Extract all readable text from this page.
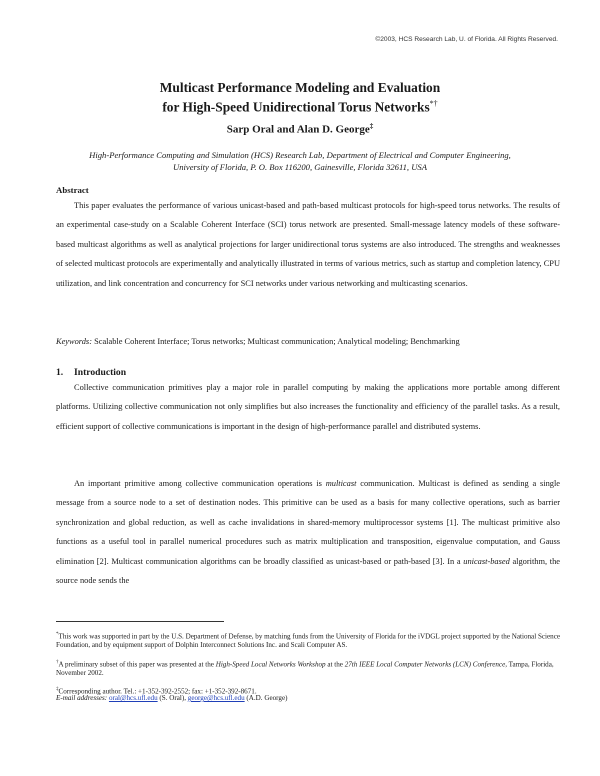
©2003, HCS Research Lab, U. of Florida. All Rights Reserved.
Multicast Performance Modeling and Evaluation
for High-Speed Unidirectional Torus Networks*†
Sarp Oral and Alan D. George‡
High-Performance Computing and Simulation (HCS) Research Lab, Department of Electrical and Computer Engineering,
University of Florida, P. O. Box 116200, Gainesville, Florida 32611, USA
Abstract
This paper evaluates the performance of various unicast-based and path-based multicast protocols for high-speed torus networks. The results of an experimental case-study on a Scalable Coherent Interface (SCI) torus network are presented. Small-message latency models of these software-based multicast algorithms as well as analytical projections for larger unidirectional torus systems are also introduced. The strengths and weaknesses of selected multicast protocols are experimentally and analytically illustrated in terms of various metrics, such as startup and completion latency, CPU utilization, and link concentration and concurrency for SCI networks under various networking and multicasting scenarios.
Keywords: Scalable Coherent Interface; Torus networks; Multicast communication; Analytical modeling; Benchmarking
1. Introduction
Collective communication primitives play a major role in parallel computing by making the applications more portable among different platforms. Utilizing collective communication not only simplifies but also increases the functionality and efficiency of the parallel tasks. As a result, efficient support of collective communications is important in the design of high-performance parallel and distributed systems.
An important primitive among collective communication operations is multicast communication. Multicast is defined as sending a single message from a source node to a set of destination nodes. This primitive can be used as a basis for many collective operations, such as barrier synchronization and global reduction, as well as cache invalidations in shared-memory multiprocessor systems [1]. The multicast primitive also functions as a useful tool in parallel numerical procedures such as matrix multiplication and transposition, eigenvalue computation, and Gauss elimination [2]. Multicast communication algorithms can be broadly classified as unicast-based or path-based [3]. In a unicast-based algorithm, the source node sends the
*This work was supported in part by the U.S. Department of Defense, by matching funds from the University of Florida for the iVDGL project supported by the National Science Foundation, and by equipment support of Dolphin Interconnect Solutions Inc. and Scali Computer AS.
†A preliminary subset of this paper was presented at the High-Speed Local Networks Workshop at the 27th IEEE Local Computer Networks (LCN) Conference, Tampa, Florida, November 2002.
‡Corresponding author. Tel.: +1-352-392-2552; fax: +1-352-392-8671.
E-mail addresses: oral@hcs.ufl.edu (S. Oral), george@hcs.ufl.edu (A.D. George)
